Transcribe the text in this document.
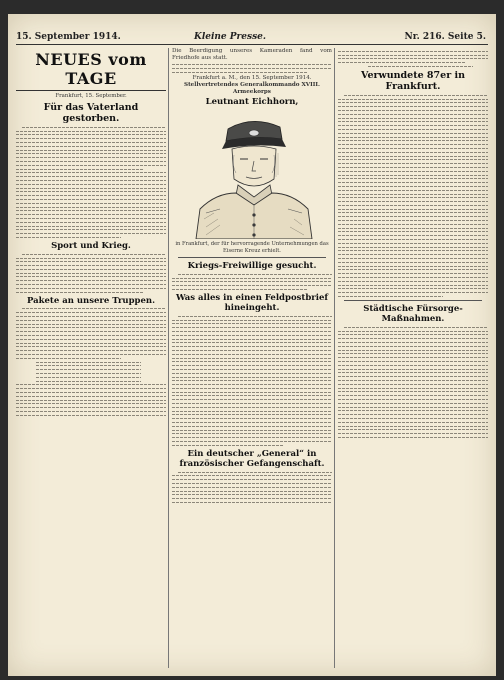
15. September 1914.	Kleine Presse.	Nr. 216. Seite 5.
NEUES vom TAGE
Frankfurt, 15. September.
Für das Vaterland gestorben.
Sport und Krieg.
Pakete an unsere Truppen.
Die Beerdigung unseres Kameraden fand vom Friedhofe aus statt.
Frankfurt a. M., den 15. September 1914.
Stellvertretendes Generalkommando XVIII. Armeekorps
Leutnant Eichhorn,
in Frankfurt, der für hervorragende Unternehmungen das Eiserne Kreuz erhielt.
Kriegs-Freiwillige gesucht.
Was alles in einen Feldpostbrief hineingeht.
Ein deutscher „General“ in französischer Gefangenschaft.
Verwundete 87er in Frankfurt.
Städtische Fürsorge-Maßnahmen.
